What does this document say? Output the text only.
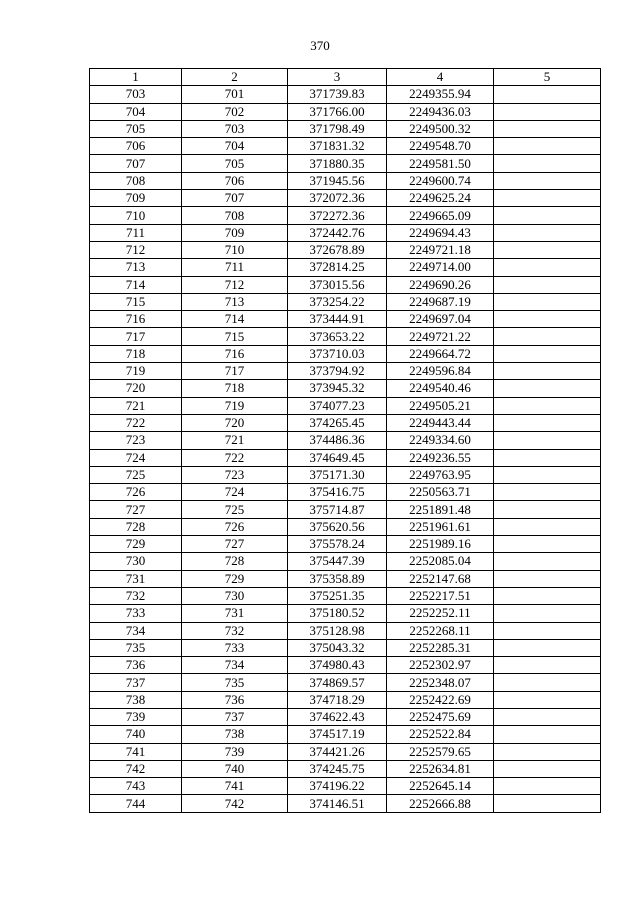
370
1	2	3	4	5
703	701	371739.83	2249355.94	
704	702	371766.00	2249436.03	
705	703	371798.49	2249500.32	
706	704	371831.32	2249548.70	
707	705	371880.35	2249581.50	
708	706	371945.56	2249600.74	
709	707	372072.36	2249625.24	
710	708	372272.36	2249665.09	
711	709	372442.76	2249694.43	
712	710	372678.89	2249721.18	
713	711	372814.25	2249714.00	
714	712	373015.56	2249690.26	
715	713	373254.22	2249687.19	
716	714	373444.91	2249697.04	
717	715	373653.22	2249721.22	
718	716	373710.03	2249664.72	
719	717	373794.92	2249596.84	
720	718	373945.32	2249540.46	
721	719	374077.23	2249505.21	
722	720	374265.45	2249443.44	
723	721	374486.36	2249334.60	
724	722	374649.45	2249236.55	
725	723	375171.30	2249763.95	
726	724	375416.75	2250563.71	
727	725	375714.87	2251891.48	
728	726	375620.56	2251961.61	
729	727	375578.24	2251989.16	
730	728	375447.39	2252085.04	
731	729	375358.89	2252147.68	
732	730	375251.35	2252217.51	
733	731	375180.52	2252252.11	
734	732	375128.98	2252268.11	
735	733	375043.32	2252285.31	
736	734	374980.43	2252302.97	
737	735	374869.57	2252348.07	
738	736	374718.29	2252422.69	
739	737	374622.43	2252475.69	
740	738	374517.19	2252522.84	
741	739	374421.26	2252579.65	
742	740	374245.75	2252634.81	
743	741	374196.22	2252645.14	
744	742	374146.51	2252666.88	
